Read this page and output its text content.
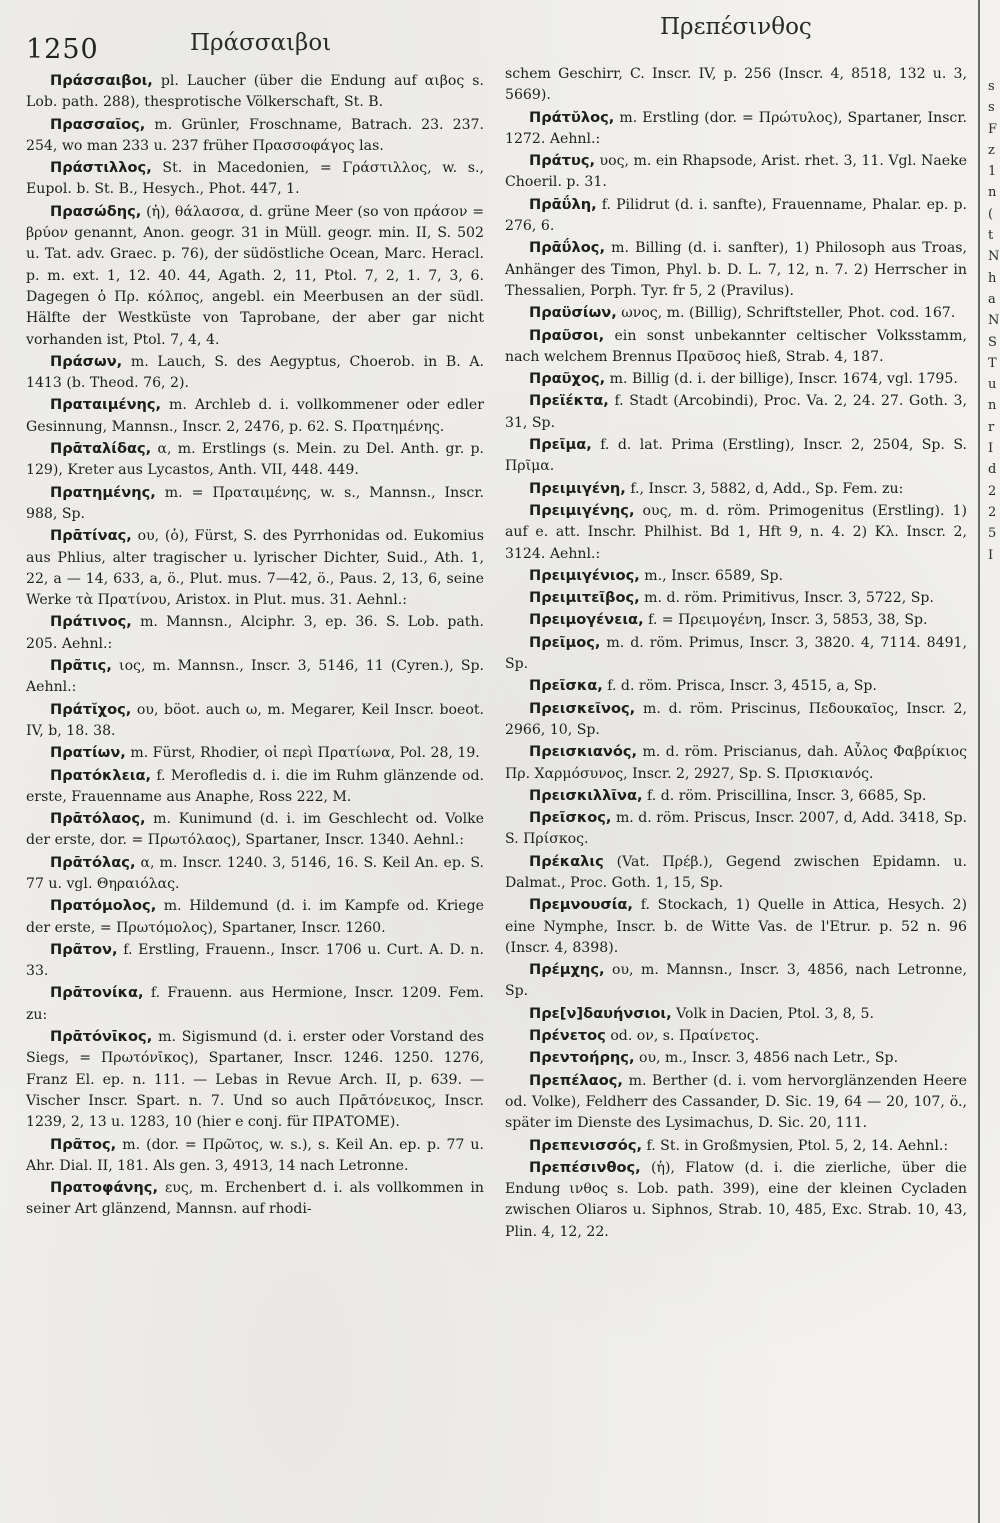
1250	Πράσσαιβοι
Πρεπέσινθος

Πράσσαιβοι, pl. Laucher (über die Endung auf αιβος s. Lob. path. 288), thesprotische Völkerschaft, St. B.

Πρασσαῖος, m. Grünler, Froschname, Batrach. 23. 237. 254, wo man 233 u. 237 früher Πρασσοφάγος las.

Πράστιλλος, St. in Macedonien, = Γράστιλλος, w. s., Eupol. b. St. B., Hesych., Phot. 447, 1.

Πρασώδης, (ἡ), θάλασσα, d. grüne Meer (so von πράσον = βρύον genannt, Anon. geogr. 31 in Müll. geogr. min. II, S. 502 u. Tat. adv. Graec. p. 76), der südöstliche Ocean, Marc. Heracl. p. m. ext. 1, 12. 40. 44, Agath. 2, 11, Ptol. 7, 2, 1. 7, 3, 6. Dagegen ὁ Πρ. κόλπος, angebl. ein Meerbusen an der südl. Hälfte der Westküste von Taprobane, der aber gar nicht vorhanden ist, Ptol. 7, 4, 4.

Πράσων, m. Lauch, S. des Aegyptus, Choerob. in B. A. 1413 (b. Theod. 76, 2).

Πραταιμένης, m. Archleb d. i. vollkommener oder edler Gesinnung, Mannsn., Inscr. 2, 2476, p. 62. S. Πρατημένης.

Πρᾱταλίδας, α, m. Erstlings (s. Mein. zu Del. Anth. gr. p. 129), Kreter aus Lycastos, Anth. VII, 448. 449.

Πρατημένης, m. = Πραταιμένης, w. s., Mannsn., Inscr. 988, Sp.

Πρᾱτίνας, ου, (ὁ), Fürst, S. des Pyrrhonidas od. Eukomius aus Phlius, alter tragischer u. lyrischer Dichter, Suid., Ath. 1, 22, a — 14, 633, a, ö., Plut. mus. 7—42, ö., Paus. 2, 13, 6, seine Werke τὰ Πρατίνου, Aristox. in Plut. mus. 31. Aehnl.:

Πράτινος, m. Mannsn., Alciphr. 3, ep. 36. S. Lob. path. 205. Aehnl.:

Πρᾶτις, ιος, m. Mannsn., Inscr. 3, 5146, 11 (Cyren.), Sp. Aehnl.:

Πράτῐχος, ου, böot. auch ω, m. Megarer, Keil Inscr. boeot. IV, b, 18. 38.

Πρατίων, m. Fürst, Rhodier, οἱ περὶ Πρατίωνα, Pol. 28, 19.

Πρατόκλεια, f. Merofledis d. i. die im Ruhm glänzende od. erste, Frauenname aus Anaphe, Ross 222, M.

Πρᾱτόλαος, m. Kunimund (d. i. im Geschlecht od. Volke der erste, dor. = Πρωτόλαος), Spartaner, Inscr. 1340. Aehnl.:

Πρᾱτόλας, α, m. Inscr. 1240. 3, 5146, 16. S. Keil An. ep. S. 77 u. vgl. Θηραιόλας.

Πρατόμολος, m. Hildemund (d. i. im Kampfe od. Kriege der erste, = Πρωτόμολος), Spartaner, Inscr. 1260.

Πρᾶτον, f. Erstling, Frauenn., Inscr. 1706 u. Curt. A. D. n. 33.

Πρᾱτονίκα, f. Frauenn. aus Hermione, Inscr. 1209. Fem. zu:

Πρᾱτόνῑκος, m. Sigismund (d. i. erster oder Vorstand des Siegs, = Πρωτόνῑκος), Spartaner, Inscr. 1246. 1250. 1276, Franz El. ep. n. 111. — Lebas in Revue Arch. II, p. 639. — Vischer Inscr. Spart. n. 7. Und so auch Πρᾱτόνεικος, Inscr. 1239, 2, 13 u. 1283, 10 (hier e conj. für ΠΡΑΤΟΜΕ).

Πρᾶτος, m. (dor. = Πρῶτος, w. s.), s. Keil An. ep. p. 77 u. Ahr. Dial. II, 181. Als gen. 3, 4913, 14 nach Letronne.

Πρατοφάνης, ευς, m. Erchenbert d. i. als vollkommen in seiner Art glänzend, Mannsn. auf rhodi-

schem Geschirr, C. Inscr. IV, p. 256 (Inscr. 4, 8518, 132 u. 3, 5669).

Πράτῠλος, m. Erstling (dor. = Πρώτυλος), Spartaner, Inscr. 1272. Aehnl.:

Πράτυς, υος, m. ein Rhapsode, Arist. rhet. 3, 11. Vgl. Naeke Choeril. p. 31.

Πρᾱΰλη, f. Pilidrut (d. i. sanfte), Frauenname, Phalar. ep. p. 276, 6.

Πρᾱΰλος, m. Billing (d. i. sanfter), 1) Philosoph aus Troas, Anhänger des Timon, Phyl. b. D. L. 7, 12, n. 7. 2) Herrscher in Thessalien, Porph. Tyr. fr 5, 2 (Pravilus).

Πραϋσίων, ωνος, m. (Billig), Schriftsteller, Phot. cod. 167.

Πραῦσοι, ein sonst unbekannter celtischer Volksstamm, nach welchem Brennus Πραῦσος hieß, Strab. 4, 187.

Πραῦχος, m. Billig (d. i. der billige), Inscr. 1674, vgl. 1795.

Πρεϊέκτα, f. Stadt (Arcobindi), Proc. Va. 2, 24. 27. Goth. 3, 31, Sp.

Πρεῖμα, f. d. lat. Prima (Erstling), Inscr. 2, 2504, Sp. S. Πρῖμα.

Πρειμιγένη, f., Inscr. 3, 5882, d, Add., Sp. Fem. zu:

Πρειμιγένης, ους, m. d. röm. Primogenitus (Erstling). 1) auf e. att. Inschr. Philhist. Bd 1, Hft 9, n. 4. 2) Κλ. Inscr. 2, 3124. Aehnl.:

Πρειμιγένιος, m., Inscr. 6589, Sp.

Πρειμιτεῖβος, m. d. röm. Primitivus, Inscr. 3, 5722, Sp.

Πρειμογένεια, f. = Πρειμογένη, Inscr. 3, 5853, 38, Sp.

Πρεῖμος, m. d. röm. Primus, Inscr. 3, 3820. 4, 7114. 8491, Sp.

Πρεῖσκα, f. d. röm. Prisca, Inscr. 3, 4515, a, Sp.

Πρεισκεῖνος, m. d. röm. Priscinus, Πεδουκαῖος, Inscr. 2, 2966, 10, Sp.

Πρεισκιανός, m. d. röm. Priscianus, dah. Αὖλος Φαβρίκιος Πρ. Χαρμόσυνος, Inscr. 2, 2927, Sp. S. Πρισκιανός.

Πρεισκιλλῖνα, f. d. röm. Priscillina, Inscr. 3, 6685, Sp.

Πρεῖσκος, m. d. röm. Priscus, Inscr. 2007, d, Add. 3418, Sp. S. Πρίσκος.

Πρέκαλις (Vat. Πρέβ.), Gegend zwischen Epidamn. u. Dalmat., Proc. Goth. 1, 15, Sp.

Πρεμνουσία, f. Stockach, 1) Quelle in Attica, Hesych. 2) eine Nymphe, Inscr. b. de Witte Vas. de l'Etrur. p. 52 n. 96 (Inscr. 4, 8398).

Πρέμχης, ου, m. Mannsn., Inscr. 3, 4856, nach Letronne, Sp.

Πρε[ν]δαυήνσιοι, Volk in Dacien, Ptol. 3, 8, 5.

Πρένετος od. ον, s. Πραίνετος.

Πρεντοήρης, ου, m., Inscr. 3, 4856 nach Letr., Sp.

Πρεπέλαος, m. Berther (d. i. vom hervorglänzenden Heere od. Volke), Feldherr des Cassander, D. Sic. 19, 64 — 20, 107, ö., später im Dienste des Lysimachus, D. Sic. 20, 111.

Πρεπενισσός, f. St. in Großmysien, Ptol. 5, 2, 14. Aehnl.:

Πρεπέσινθος, (ἡ), Flatow (d. i. die zierliche, über die Endung ινθος s. Lob. path. 399), eine der kleinen Cycladen zwischen Oliaros u. Siphnos, Strab. 10, 485, Exc. Strab. 10, 43, Plin. 4, 12, 22.

s
s
F
z
1
n
(
t
N
h
a
N
S
T
u
n
r
I
d
2
2
5
I
